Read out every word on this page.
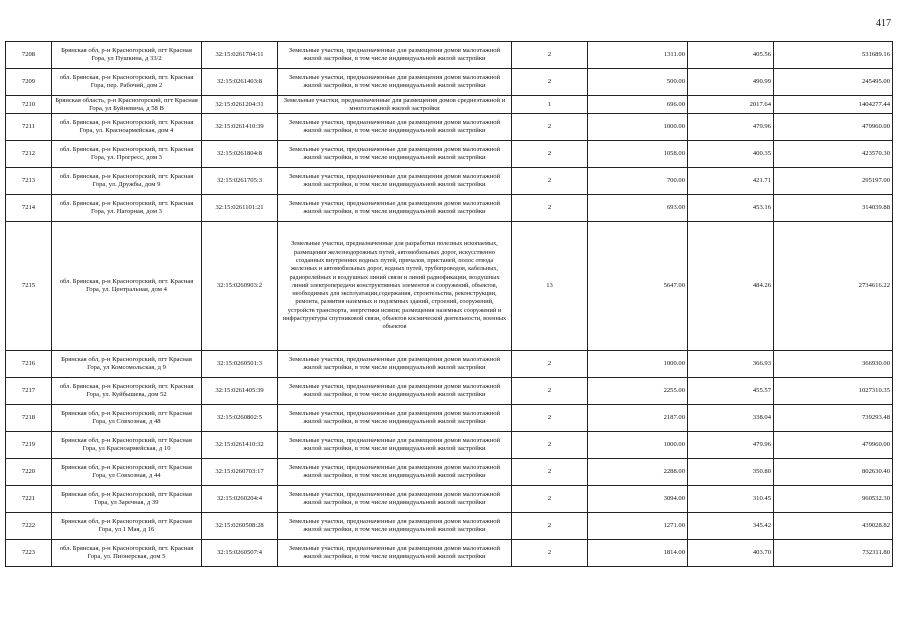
417
7208	Брянская обл, р-н Красногорский, пгт Красная Гора, ул Пушкина, д 33/2	32:15:0261704:11	Земельные участки, предназначенные для размещения домов малоэтажной жилой застройки, в том числе индивидуальной жилой застройки	2	1311.00	405.56	531689.16
7209	обл. Брянская, р-н Красногорский, пгт. Красная Гора, пер. Рабочий, дом 2	32:15:0261403:8	Земельные участки, предназначенные для размещения домов малоэтажной жилой застройки, в том числе индивидуальной жилой застройки	2	500.00	490.99	245495.00
7210	Брянская область, р-н Красногорский, пгт Красная Гора, ул Буйневича, д 58 В	32:15:0261204:31	Земельные участки, предназначенные для размещения домов среднеэтажной и многоэтажной жилой застройки	1	696.00	2017.64	1404277.44
7211	обл. Брянская, р-н Красногорский, пгт. Красная Гора, ул. Красноармейская, дом 4	32:15:0261410:39	Земельные участки, предназначенные для размещения домов малоэтажной жилой застройки, в том числе индивидуальной жилой застройки	2	1000.00	479.96	479960.00
7212	обл. Брянская, р-н Красногорский, пгт. Красная Гора, ул. Прогресс, дом 3	32:15:0261804:8	Земельные участки, предназначенные для размещения домов малоэтажной жилой застройки, в том числе индивидуальной жилой застройки	2	1058.00	400.35	423570.30
7213	обл. Брянская, р-н Красногорский, пгт. Красная Гора, ул. Дружбы, дом 9	32:15:0261705:3	Земельные участки, предназначенные для размещения домов малоэтажной жилой застройки, в том числе индивидуальной жилой застройки	2	700.00	421.71	295197.00
7214	обл. Брянская, р-н Красногорский, пгт. Красная Гора, ул. Нагорная, дом 3	32:15:0261101:21	Земельные участки, предназначенные для размещения домов малоэтажной жилой застройки, в том числе индивидуальной жилой застройки	2	693.00	453.16	314039.88
7215	обл. Брянская, р-н Красногорский, пгт. Красная Гора, ул. Центральная, дом 4	32:15:0260903:2	Земельные участки, предназначенные для разработки полезных ископаемых, размещения железнодорожных путей, автомобильных дорог, искусственно созданных внутренних водных путей, причалов, пристаней, полос отвода железных и автомобильных дорог, водных путей, трубопроводов, кабельных, радиорелейных и воздушных линий связи и линий радиофикации, воздушных линий электропередачи конструктивных элементов и сооружений, объектов, необходимых для эксплуатации,содержания, строительства, реконструкции, ремонта, развития наземных и подземных зданий, строений, сооружений, устройств транспорта, энергетики исвязи; размещения наземных сооружений и инфраструктуры спутниковой связи, объектов космической деятельности, военных объектов	13	5647.00	484.26	2734616.22
7216	Брянская обл, р-н Красногорский, пгт Красная Гора, ул Комсомольская, д 9	32:15:0260501:3	Земельные участки, предназначенные для размещения домов малоэтажной жилой застройки, в том числе индивидуальной жилой застройки	2	1000.00	366.93	366930.00
7217	обл. Брянская, р-н Красногорский, пгт. Красная Гора, ул. Куйбышева, дом 52	32:15:0261405:39	Земельные участки, предназначенные для размещения домов малоэтажной жилой застройки, в том числе индивидуальной жилой застройки	2	2255.00	455.57	1027310.35
7218	Брянская обл, р-н Красногорский, пгт Красная Гора, ул Совхозная, д 48	32:15:0260802:5	Земельные участки, предназначенные для размещения домов малоэтажной жилой застройки, в том числе индивидуальной жилой застройки	2	2187.00	338.04	739293.48
7219	Брянская обл, р-н Красногорский, пгт Красная Гора, ул Красноармейская, д 10	32:15:0261410:32	Земельные участки, предназначенные для размещения домов малоэтажной жилой застройки, в том числе индивидуальной жилой застройки	2	1000.00	479.96	479960.00
7220	Брянская обл, р-н Красногорский, пгт Красная Гора, ул Совхозная, д 44	32:15:0260703:17	Земельные участки, предназначенные для размещения домов малоэтажной жилой застройки, в том числе индивидуальной жилой застройки	2	2288.00	350.80	802630.40
7221	Брянская обл, р-н Красногорский, пгт Красная Гора, ул Заречная, д 39	32:15:0260204:4	Земельные участки, предназначенные для размещения домов малоэтажной жилой застройки, в том числе индивидуальной жилой застройки	2	3094.00	310.45	960532.30
7222	Брянская обл, р-н Красногорский, пгт Красная Гора, ул 1 Мая, д 16	32:15:0260508:28	Земельные участки, предназначенные для размещения домов малоэтажной жилой застройки, в том числе индивидуальной жилой застройки	2	1271.00	345.42	439028.82
7223	обл. Брянская, р-н Красногорский, пгт. Красная Гора, ул. Пионерская, дом 5	32:15:0260507:4	Земельные участки, предназначенные для размещения домов малоэтажной жилой застройки, в том числе индивидуальной жилой застройки	2	1814.00	403.70	732311.80
